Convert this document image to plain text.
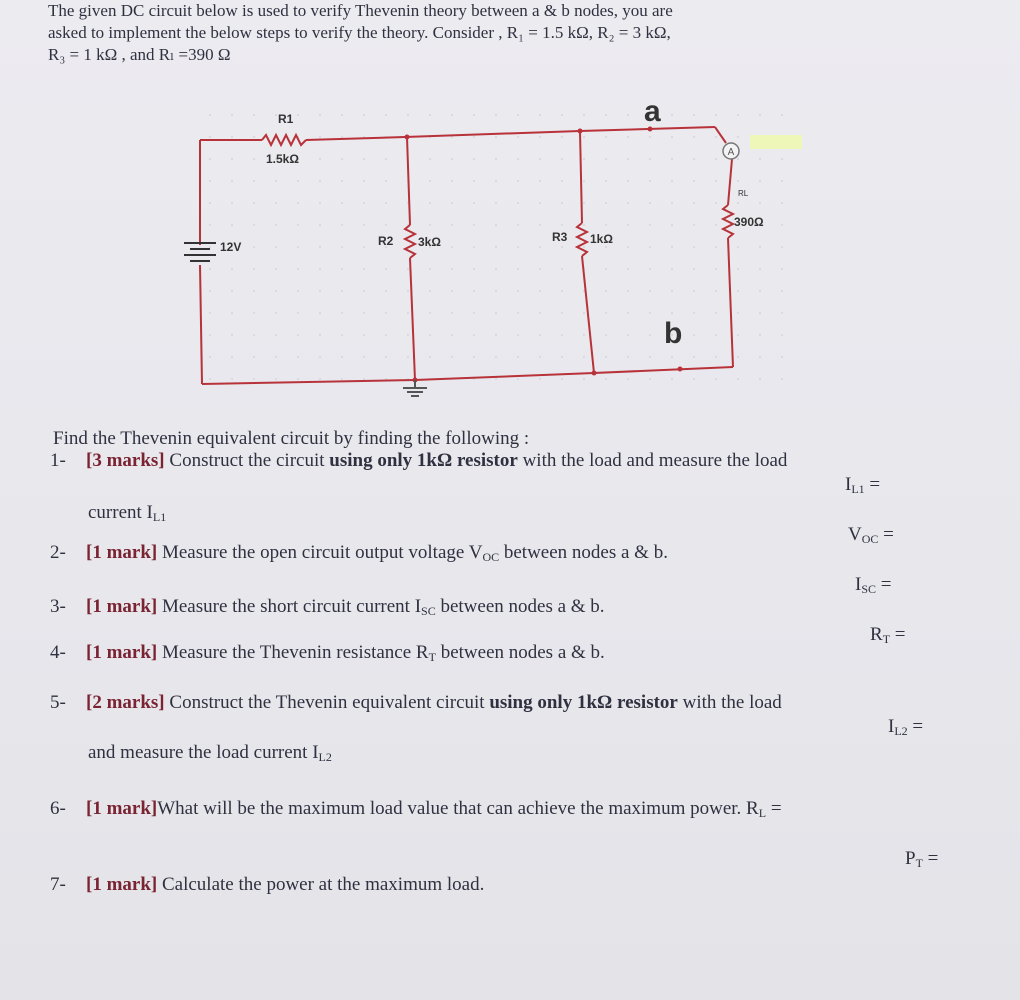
The given DC circuit below is used to verify Thevenin theory between a & b nodes, you are
asked to implement the below steps to verify the theory. Consider , R₁ = 1.5 kΩ, R₂ = 3 kΩ,
R₃ = 1 kΩ , and Rₗ =390 Ω
A
R1
1.5kΩ
12V	R2 3kΩ	R3 1kΩ
RL
390Ω
a
b
Find the Thevenin equivalent circuit by finding the following :
1- [3 marks] Construct the circuit using only 1kΩ resistor with the load and measure the load
$I_{L1}$ =
current $I_{L1}$
2- [1 mark] Measure the open circuit output voltage $V_{OC}$ between nodes a & b.
$V_{OC}$ =
3- [1 mark] Measure the short circuit current $I_{SC}$ between nodes a & b.
$I_{SC}$ =
4- [1 mark] Measure the Thevenin resistance $R_T$ between nodes a & b.
$R_T$ =
5- [2 marks] Construct the Thevenin equivalent circuit using only 1kΩ resistor with the load
$I_{L2}$ =
and measure the load current $I_{L2}$
6- [1 mark]What will be the maximum load value that can achieve the maximum power. $R_L$ =
7- [1 mark] Calculate the power at the maximum load.
$P_T$ =
